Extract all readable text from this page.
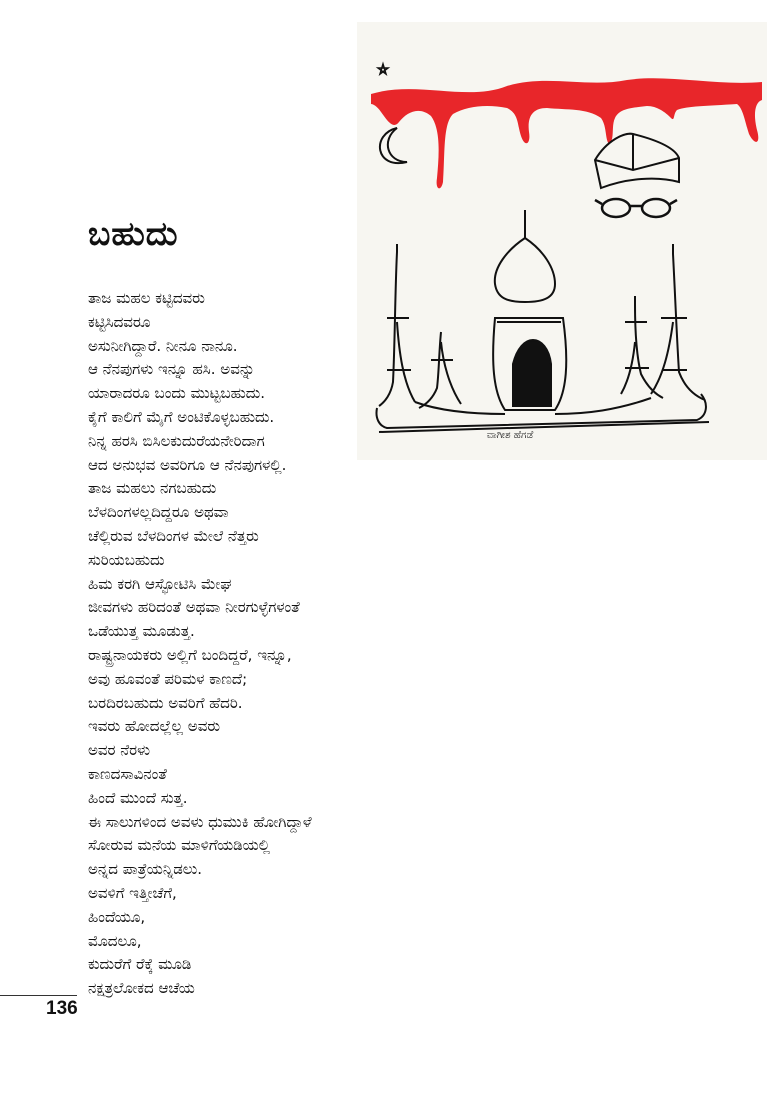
ವಾಗೀಶ ಹೆಗಡೆ
ಬಹುದು
ತಾಜ ಮಹಲ ಕಟ್ಟಿದವರು
ಕಟ್ಟಿಸಿದವರೂ
ಅಸುನೀಗಿದ್ದಾರೆ. ನೀನೂ ನಾನೂ.
ಆ ನೆನಪುಗಳು ಇನ್ನೂ ಹಸಿ. ಅವನ್ನು
ಯಾರಾದರೂ ಬಂದು ಮುಟ್ಟಬಹುದು.
ಕೈಗೆ ಕಾಲಿಗೆ ಮೈಗೆ ಅಂಟಿಕೊಳ್ಳಬಹುದು.
ನಿನ್ನ ಹರಸಿ ಬಿಸಿಲಕುದುರೆಯನೇರಿದಾಗ
ಆದ ಅನುಭವ ಅವರಿಗೂ ಆ ನೆನಪುಗಳಲ್ಲಿ.
ತಾಜ ಮಹಲು ನಗಬಹುದು
ಬೆಳದಿಂಗಳಲ್ಲದಿದ್ದರೂ ಅಥವಾ
ಚೆಲ್ಲಿರುವ ಬೆಳದಿಂಗಳ ಮೇಲೆ ನೆತ್ತರು
ಸುರಿಯಬಹುದು
ಹಿಮ ಕರಗಿ ಆಸ್ಫೋಟಿಸಿ ಮೇಘ
ಜೀವಗಳು ಹರಿದಂತೆ ಅಥವಾ ನೀರಗುಳ್ಳೆಗಳಂತೆ
ಒಡೆಯುತ್ತ ಮೂಡುತ್ತ.
ರಾಷ್ಟ್ರನಾಯಕರು ಅಲ್ಲಿಗೆ ಬಂದಿದ್ದರೆ, ಇನ್ನೂ,
ಅವು ಹೂವಂತೆ ಪರಿಮಳ ಕಾಣದೆ;
ಬರದಿರಬಹುದು ಅವರಿಗೆ ಹೆದರಿ.
ಇವರು ಹೋದಲ್ಲೆಲ್ಲ ಅವರು
ಅವರ ನೆರಳು
ಕಾಣದಸಾವಿನಂತೆ
ಹಿಂದೆ ಮುಂದೆ ಸುತ್ತ.
ಈ ಸಾಲುಗಳಿಂದ ಅವಳು ಧುಮುಕಿ ಹೋಗಿದ್ದಾಳೆ
ಸೋರುವ ಮನೆಯ ಮಾಳಿಗೆಯಡಿಯಲ್ಲಿ
ಅನ್ನದ ಪಾತ್ರೆಯನ್ನಿಡಲು.
ಅವಳಿಗೆ ಇತ್ತೀಚೆಗೆ,
ಹಿಂದೆಯೂ,
ಮೊದಲೂ,
ಕುದುರೆಗೆ ರೆಕ್ಕೆ ಮೂಡಿ
ನಕ್ಷತ್ರಲೋಕದ ಆಚೆಯ
136
